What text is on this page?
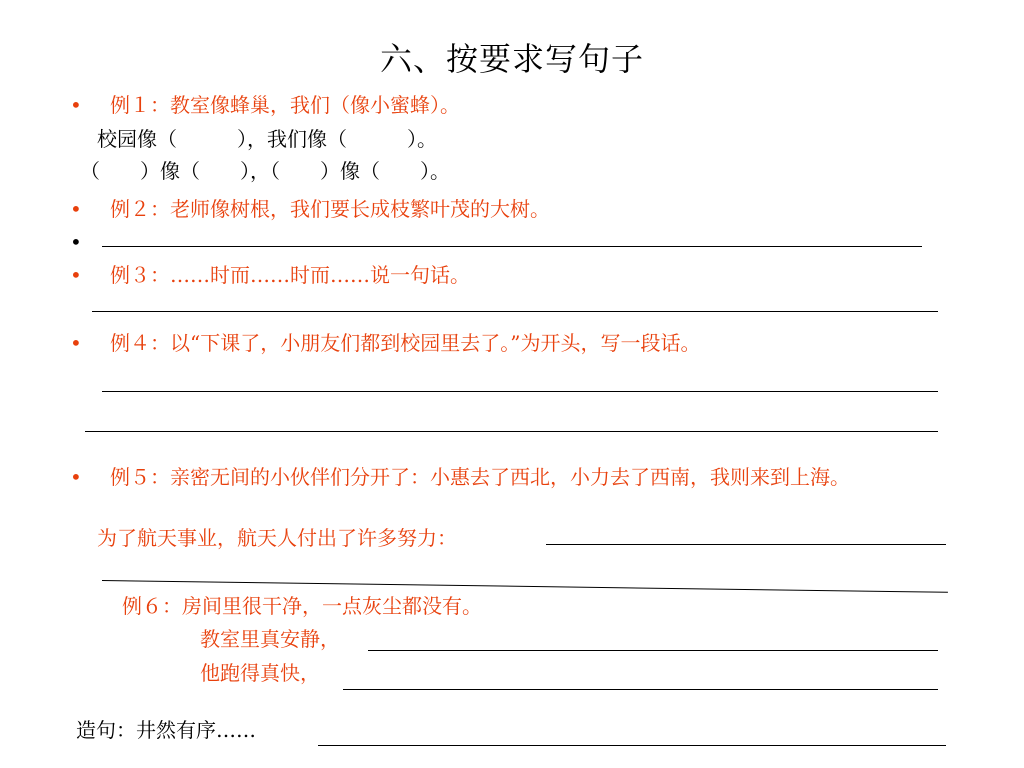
六、按要求写句子
• 例１：教室像蜂巢，我们（像小蜜蜂）。
校园像（　　　），我们像（　　　）。
（　　）像（　　），（　　）像（　　）。
• 例２：老师像树根，我们要长成枝繁叶茂的大树。
•
• 例３：……时而……时而……说一句话。
• 例４：以“下课了，小朋友们都到校园里去了。”为开头，写一段话。
• 例５：亲密无间的小伙伴们分开了：小惠去了西北，小力去了西南，我则来到上海。
为了航天事业，航天人付出了许多努力：
例６：房间里很干净，一点灰尘都没有。
教室里真安静，
他跑得真快，
造句：井然有序……
